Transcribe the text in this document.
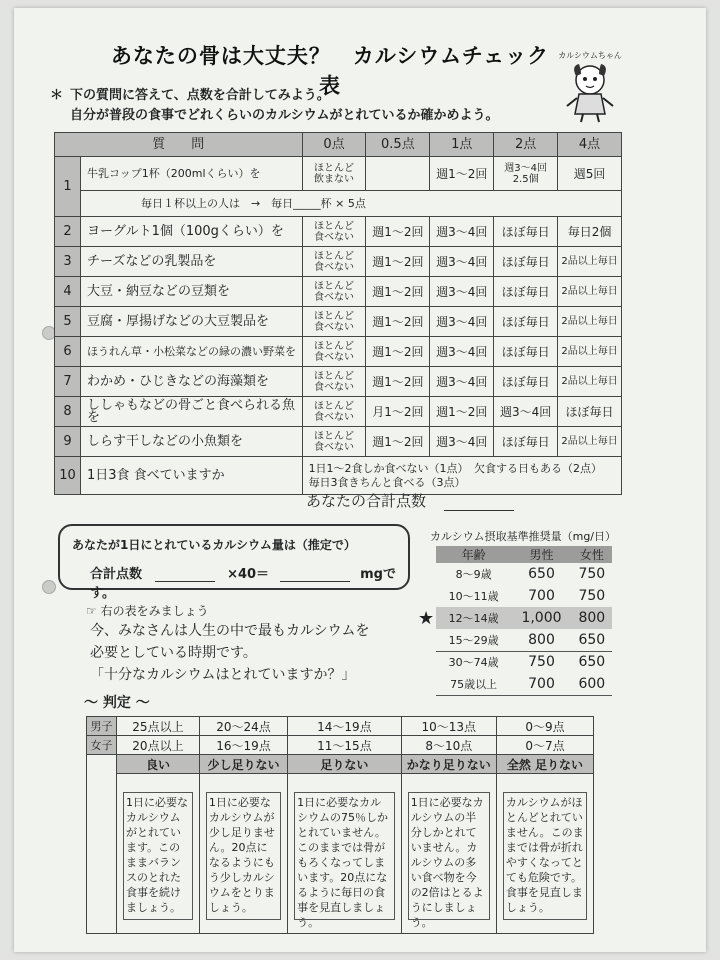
あなたの骨は大丈夫？　カルシウムチェック表
カルシウムちゃん
＊ 下の質問に答えて、点数を合計してみよう。
自分が普段の食事でどれくらいのカルシウムがとれているか確かめよう。
質　　問		0点	0.5点	1点	2点	4点
1	牛乳コップ1杯（200mlくらい）を	ほとんど
飲まない		週1～2回	週3～4回
2.5個	週5回
	毎日１杯以上の人は　→　毎日_____杯 × 5点					
2	ヨーグルト1個（100gくらい）を	ほとんど
食べない	週1～2回	週3～4回	ほぼ毎日	毎日2個
3	チーズなどの乳製品を	ほとんど
食べない	週1～2回	週3～4回	ほぼ毎日	2品以上毎日
4	大豆・納豆などの豆類を	ほとんど
食べない	週1～2回	週3～4回	ほぼ毎日	2品以上毎日
5	豆腐・厚揚げなどの大豆製品を	ほとんど
食べない	週1～2回	週3～4回	ほぼ毎日	2品以上毎日
6	ほうれん草・小松菜などの緑の濃い野菜を	ほとんど
食べない	週1～2回	週3～4回	ほぼ毎日	2品以上毎日
7	わかめ・ひじきなどの海藻類を	ほとんど
食べない	週1～2回	週3～4回	ほぼ毎日	2品以上毎日
8	ししゃもなどの骨ごと食べられる魚を	ほとんど
食べない	月1～2回	週1～2回	週3～4回	ほぼ毎日
9	しらす干しなどの小魚類を	ほとんど
食べない	週1～2回	週3～4回	ほぼ毎日	2品以上毎日
10	1日3食 食べていますか	1日1～2食しか食べない（1点）　欠食する日もある（2点）
毎日3食きちんと食べる（3点）				
あなたの合計点数
あなたが1日にとれているカルシウム量は（推定で）
合計点数	×40＝	mgです。
カルシウム摂取基準推奨量（mg/日）
年齢	男性	女性
8～9歳	650	750
10～11歳	700	750
12～14歳	1,000	800
15～29歳	800	650
30～74歳	750	650
75歳以上	700	600
★
☞ 右の表をみましょう
今、みなさんは人生の中で最もカルシウムを
必要としている時期です。
「十分なカルシウムはとれていますか？」
～ 判定 ～
男子	25点以上	20～24点	14～19点	10～13点	0～9点
女子	20点以上	16～19点	11～15点	8～10点	0～7点
	良い	少し足りない	足りない	かなり足りない	全然 足りない

	1日に必要なカルシウムがとれています。このままバランスのとれた食事を続けましょう。	1日に必要なカルシウムが少し足りません。20点になるようにもう少しカルシウムをとりましょう。	1日に必要なカルシウムの75％しかとれていません。このままでは骨がもろくなってしまいます。20点になるように毎日の食事を見直しましょう。	1日に必要なカルシウムの半分しかとれていません。カルシウムの多い食べ物を今の2倍はとるようにしましょう。	カルシウムがほとんどとれていません。このままでは骨が折れやすくなってとても危険です。食事を見直しましょう。
